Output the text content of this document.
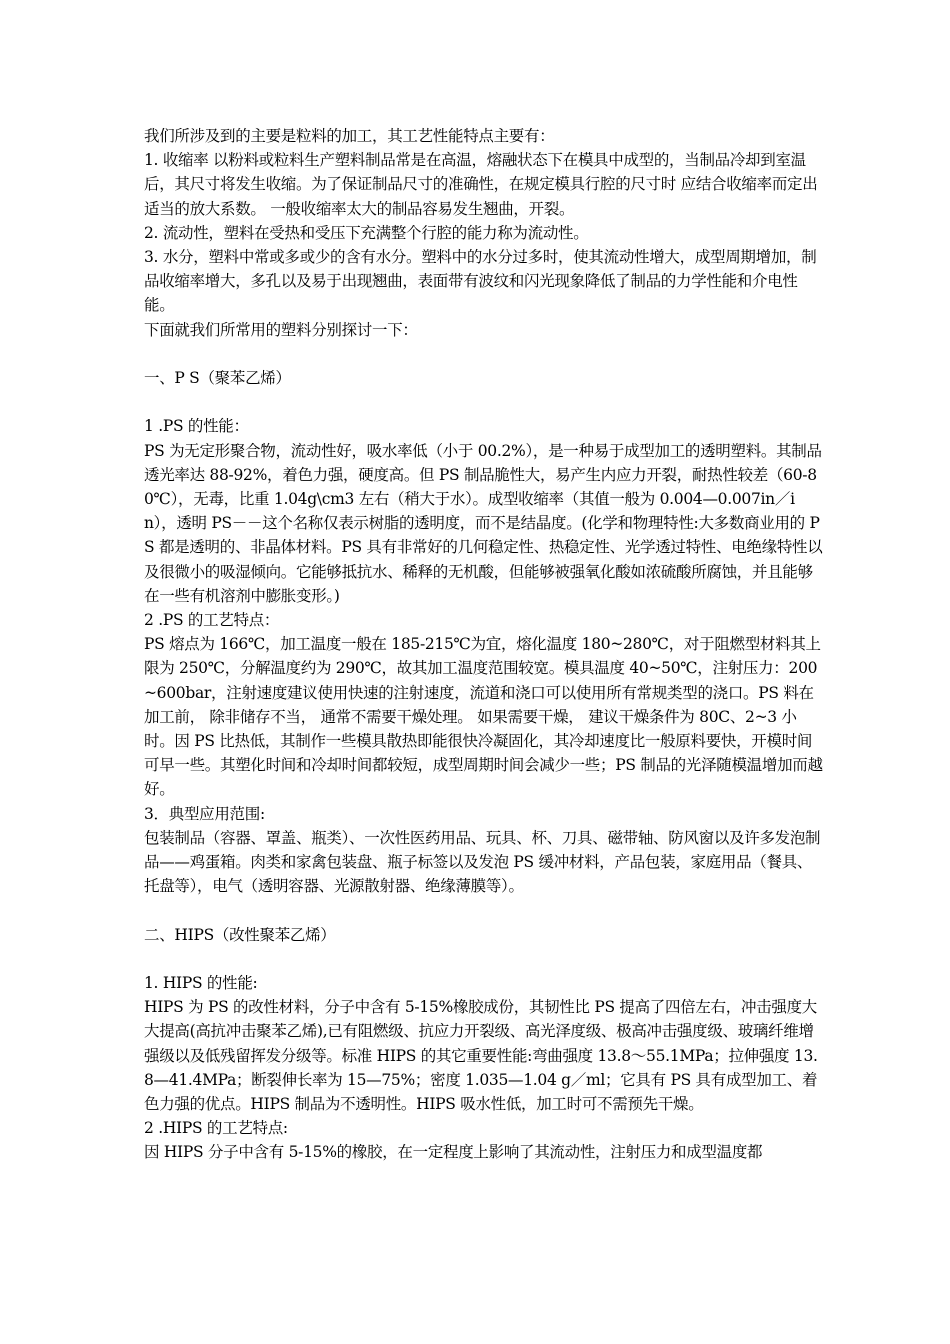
我们所涉及到的主要是粒料的加工，其工艺性能特点主要有：

1. 收缩率 以粉料或粒料生产塑料制品常是在高温，熔融状态下在模具中成型的，当制品冷却到室温后，其尺寸将发生收缩。为了保证制品尺寸的准确性，在规定模具行腔的尺寸时 应结合收缩率而定出适当的放大系数。 一般收缩率太大的制品容易发生翘曲，开裂。

2. 流动性，塑料在受热和受压下充满整个行腔的能力称为流动性。

3. 水分，塑料中常或多或少的含有水分。塑料中的水分过多时，使其流动性增大，成型周期增加，制品收缩率增大，多孔以及易于出现翘曲，表面带有波纹和闪光现象降低了制品的力学性能和介电性能。

下面就我们所常用的塑料分别探讨一下：

一、P S（聚苯乙烯）

1 .PS 的性能：

PS 为无定形聚合物，流动性好，吸水率低（小于 00.2%），是一种易于成型加工的透明塑料。其制品透光率达 88-92%，着色力强，硬度高。但 PS 制品脆性大，易产生内应力开裂，耐热性较差（60-80℃），无毒，比重 1.04g\cm3 左右（稍大于水）。成型收缩率（其值一般为 0.004—0.007in／in），透明 PS－－这个名称仅表示树脂的透明度，而不是结晶度。(化学和物理特性:大多数商业用的 PS 都是透明的、非晶体材料。PS 具有非常好的几何稳定性、热稳定性、光学透过特性、电绝缘特性以及很微小的吸湿倾向。它能够抵抗水、稀释的无机酸，但能够被强氧化酸如浓硫酸所腐蚀，并且能够在一些有机溶剂中膨胀变形。)

2 .PS 的工艺特点：

PS 熔点为 166℃，加工温度一般在 185-215℃为宜，熔化温度 180~280℃，对于阻燃型材料其上限为 250℃，分解温度约为 290℃，故其加工温度范围较宽。模具温度 40~50℃，注射压力：200~600bar，注射速度建议使用快速的注射速度，流道和浇口可以使用所有常规类型的浇口。PS 料在加工前， 除非储存不当， 通常不需要干燥处理。 如果需要干燥， 建议干燥条件为 80C、2~3 小时。因 PS 比热低，其制作一些模具散热即能很快冷凝固化，其冷却速度比一般原料要快，开模时间可早一些。其塑化时间和冷却时间都较短，成型周期时间会减少一些；PS 制品的光泽随模温增加而越好。

3．典型应用范围:

包装制品（容器、罩盖、瓶类）、一次性医药用品、玩具、杯、刀具、磁带轴、防风窗以及许多发泡制品——鸡蛋箱。肉类和家禽包装盘、瓶子标签以及发泡 PS 缓冲材料，产品包装，家庭用品（餐具、托盘等），电气（透明容器、光源散射器、绝缘薄膜等）。

二、HIPS（改性聚苯乙烯）

1. HIPS 的性能:

HIPS 为 PS 的改性材料，分子中含有 5-15%橡胶成份，其韧性比 PS 提高了四倍左右，冲击强度大大提高(高抗冲击聚苯乙烯),已有阻燃级、抗应力开裂级、高光泽度级、极高冲击强度级、玻璃纤维增强级以及低残留挥发分级等。标准 HIPS 的其它重要性能:弯曲强度 13.8～55.1MPa；拉伸强度 13.8—41.4MPa；断裂伸长率为 15—75%；密度 1.035—1.04 g／ml；它具有 PS 具有成型加工、着色力强的优点。HIPS 制品为不透明性。HIPS 吸水性低，加工时可不需预先干燥。

2 .HIPS 的工艺特点:

因 HIPS 分子中含有 5-15%的橡胶，在一定程度上影响了其流动性，注射压力和成型温度都
